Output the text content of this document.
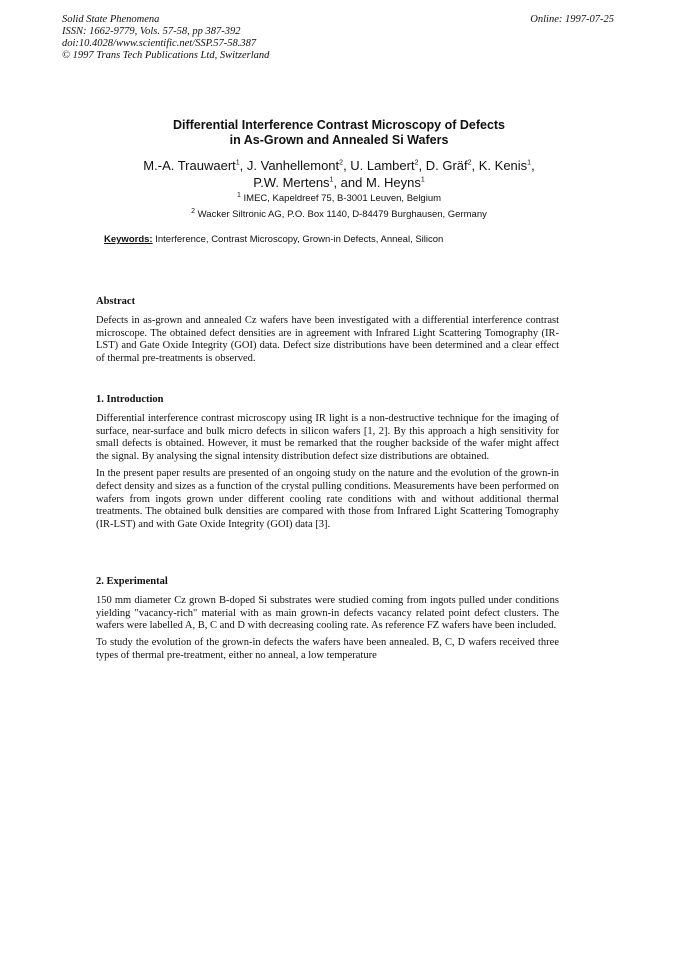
Solid State Phenomena
ISSN: 1662-9779, Vols. 57-58, pp 387-392
doi:10.4028/www.scientific.net/SSP.57-58.387
© 1997 Trans Tech Publications Ltd, Switzerland
Online: 1997-07-25
Differential Interference Contrast Microscopy of Defects
in As-Grown and Annealed Si Wafers
M.-A. Trauwaert$^1$, J. Vanhellemont$^2$, U. Lambert$^2$, D. Gräf$^2$, K. Kenis$^1$,
P.W. Mertens$^1$, and M. Heyns$^1$
$^1$ IMEC, Kapeldreef 75, B-3001 Leuven, Belgium
$^2$ Wacker Siltronic AG, P.O. Box 1140, D-84479 Burghausen, Germany
Keywords: Interference, Contrast Microscopy, Grown-in Defects, Anneal, Silicon
Abstract

Defects in as-grown and annealed Cz wafers have been investigated with a differential interference contrast microscope. The obtained defect densities are in agreement with Infrared Light Scattering Tomography (IR-LST) and Gate Oxide Integrity (GOI) data. Defect size distributions have been determined and a clear effect of thermal pre-treatments is observed.

1. Introduction

Differential interference contrast microscopy using IR light is a non-destructive technique for the imaging of surface, near-surface and bulk micro defects in silicon wafers [1, 2]. By this approach a high sensitivity for small defects is obtained. However, it must be remarked that the rougher backside of the wafer might affect the signal. By analysing the signal intensity distribution defect size distributions are obtained.

In the present paper results are presented of an ongoing study on the nature and the evolution of the grown-in defect density and sizes as a function of the crystal pulling conditions. Measurements have been performed on wafers from ingots grown under different cooling rate conditions with and without additional thermal treatments. The obtained bulk densities are compared with those from Infrared Light Scattering Tomography (IR-LST) and with Gate Oxide Integrity (GOI) data [3].

2. Experimental

150 mm diameter Cz grown B-doped Si substrates were studied coming from ingots pulled under conditions yielding "vacancy-rich" material with as main grown-in defects vacancy related point defect clusters. The wafers were labelled A, B, C and D with decreasing cooling rate. As reference FZ wafers have been included.

To study the evolution of the grown-in defects the wafers have been annealed. B, C, D wafers received three types of thermal pre-treatment, either no anneal, a low temperature
